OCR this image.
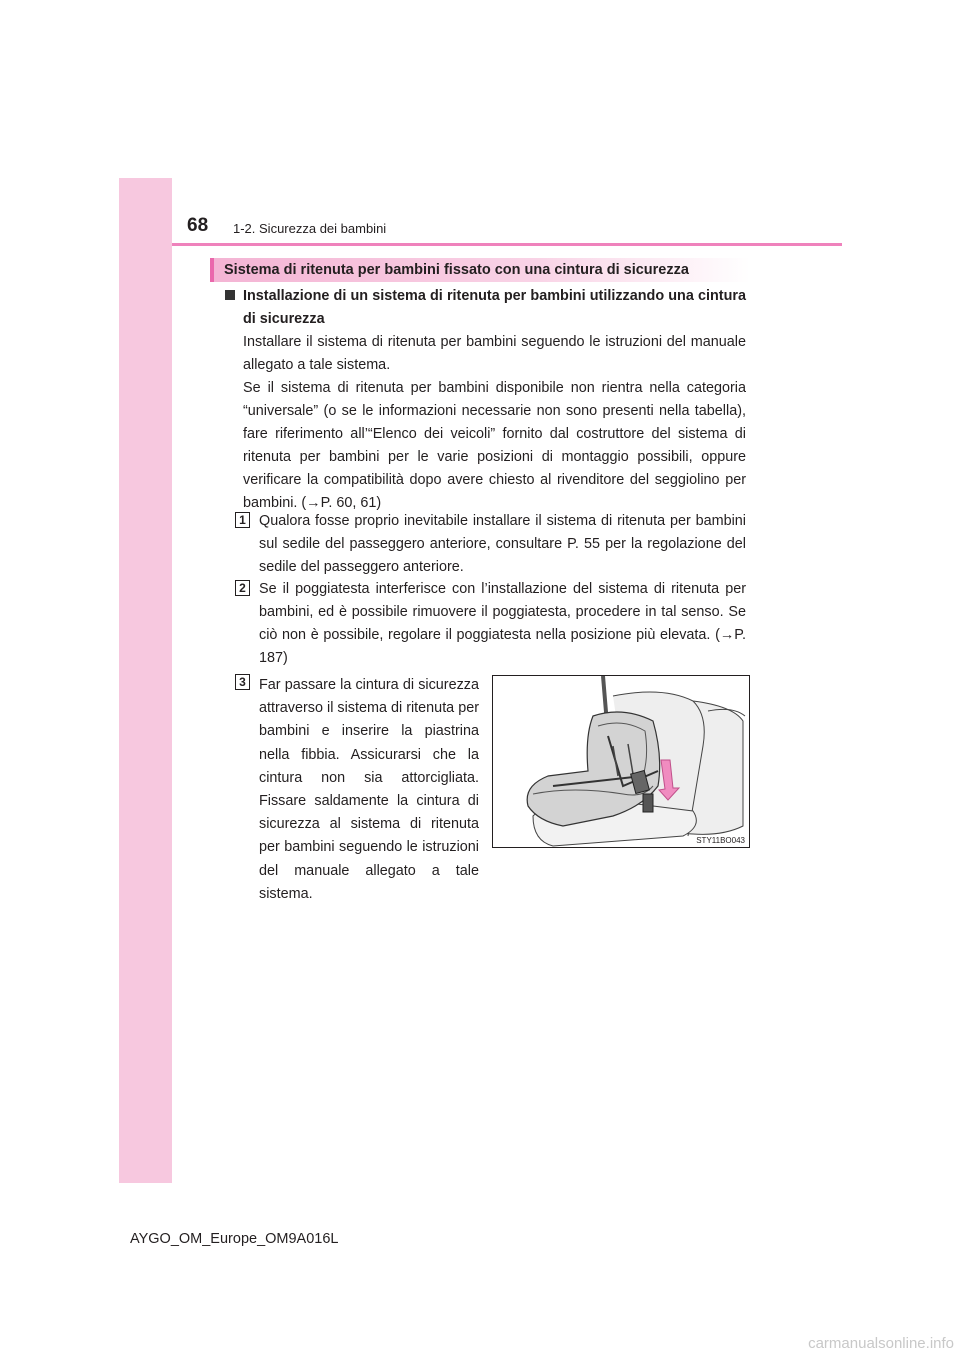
68 1-2. Sicurezza dei bambini
Sistema di ritenuta per bambini fissato con una cintura di sicurezza

Installazione di un sistema di ritenuta per bambini utilizzando una cintura di sicurezza

Installare il sistema di ritenuta per bambini seguendo le istruzioni del manuale allegato a tale sistema.

Se il sistema di ritenuta per bambini disponibile non rientra nella categoria “universale” (o se le informazioni necessarie non sono presenti nella tabella), fare riferimento all’“Elenco dei veicoli” fornito dal costruttore del sistema di ritenuta per bambini per le varie posizioni di montaggio possibili, oppure verificare la compatibilità dopo avere chiesto al rivenditore del seggiolino per bambini. (→P. 60, 61)

1 Qualora fosse proprio inevitabile installare il sistema di ritenuta per bambini sul sedile del passeggero anteriore, consultare P. 55 per la regolazione del sedile del passeggero anteriore.

2 Se il poggiatesta interferisce con l’installazione del sistema di ritenuta per bambini, ed è possibile rimuovere il poggiatesta, procedere in tal senso. Se ciò non è possibile, regolare il poggiatesta nella posizione più elevata. (→P. 187)

3 Far passare la cintura di sicurezza attraverso il sistema di ritenuta per bambini e inserire la piastrina nella fibbia. Assicurarsi che la cintura non sia attorcigliata. Fissare saldamente la cintura di sicurezza al sistema di ritenuta per bambini seguendo le istruzioni del manuale allegato a tale sistema.

STY11BO043
AYGO_OM_Europe_OM9A016L
carmanualsonline.info
